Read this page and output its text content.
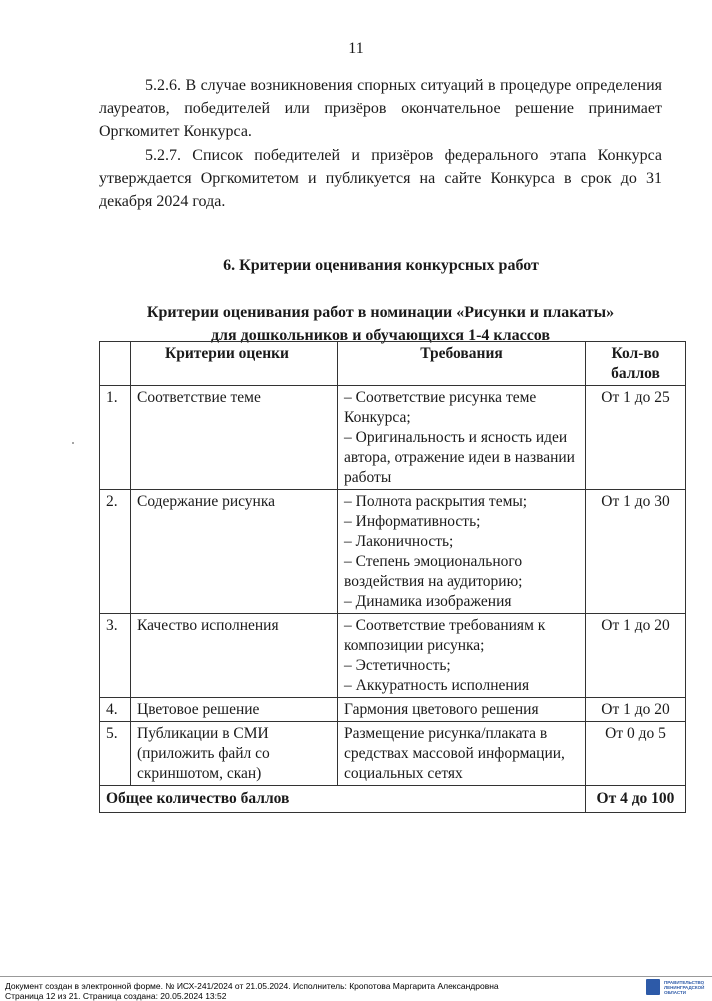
11

5.2.6. В случае возникновения спорных ситуаций в процедуре определения лауреатов, победителей или призёров окончательное решение принимает Оргкомитет Конкурса.

5.2.7. Список победителей и призёров федерального этапа Конкурса утверждается Оргкомитетом и публикуется на сайте Конкурса в срок до 31 декабря 2024 года.

6. Критерии оценивания конкурсных работ
Критерии оценивания работ в номинации «Рисунки и плакаты»
для дошкольников и обучающихся 1-4 классов
	Критерии оценки	Требования	Кол-во баллов
1.	Соответствие теме	– Соответствие рисунка теме Конкурса;
– Оригинальность и ясность идеи автора, отражение идеи в названии работы	От 1 до 25
2.	Содержание рисунка	– Полнота раскрытия темы;
– Информативность;
– Лаконичность;
– Степень эмоционального воздействия на аудиторию;
– Динамика изображения	От 1 до 30
3.	Качество исполнения	– Соответствие требованиям к композиции рисунка;
– Эстетичность;
– Аккуратность исполнения	От 1 до 20
4.	Цветовое решение	Гармония цветового решения	От 1 до 20
5.	Публикации в СМИ (приложить файл со скриншотом, скан)	Размещение рисунка/плаката в средствах массовой информации, социальных сетях	От 0 до 5
Общее количество баллов			От 4 до 100
Документ создан в электронной форме. № ИСХ-241/2024 от 21.05.2024. Исполнитель: Кропотова Маргарита Александровна
Страница 12 из 21. Страница создана: 20.05.2024 13:52
ПРАВИТЕЛЬСТВО ЛЕНИНГРАДСКОЙ ОБЛАСТИ
